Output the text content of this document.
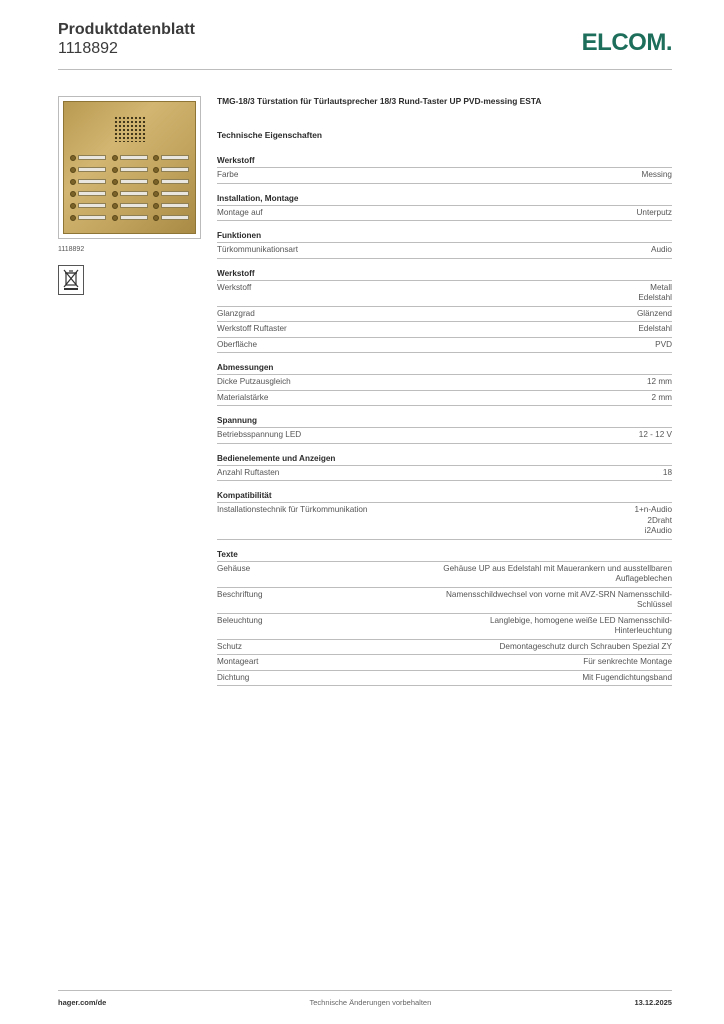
Produktdatenblatt
1118892	ELCOM.
1118892
TMG-18/3 Türstation für Türlautsprecher 18/3 Rund-Taster UP PVD-messing ESTA
Technische Eigenschaften
Werkstoff
Farbe	Messing
Installation, Montage
Montage auf	Unterputz
Funktionen
Türkommunikationsart	Audio
Werkstoff
Werkstoff	Metall
Edelstahl
Glanzgrad	Glänzend
Werkstoff Ruftaster	Edelstahl
Oberfläche	PVD
Abmessungen
Dicke Putzausgleich	12 mm
Materialstärke	2 mm
Spannung
Betriebsspannung LED	12 - 12 V
Bedienelemente und Anzeigen
Anzahl Ruftasten	18
Kompatibilität
Installationstechnik für Türkommunikation	1+n-Audio
2Draht
i2Audio
Texte
Gehäuse	Gehäuse UP aus Edelstahl mit Mauerankern und ausstellbaren
Auflageblechen
Beschriftung	Namensschildwechsel von vorne mit AVZ-SRN Namensschild-
Schlüssel
Beleuchtung	Langlebige, homogene weiße LED Namensschild-
Hinterleuchtung
Schutz	Demontageschutz durch Schrauben Spezial ZY
Montageart	Für senkrechte Montage
Dichtung	Mit Fugendichtungsband
hager.com/de	Technische Änderungen vorbehalten	13.12.2025
